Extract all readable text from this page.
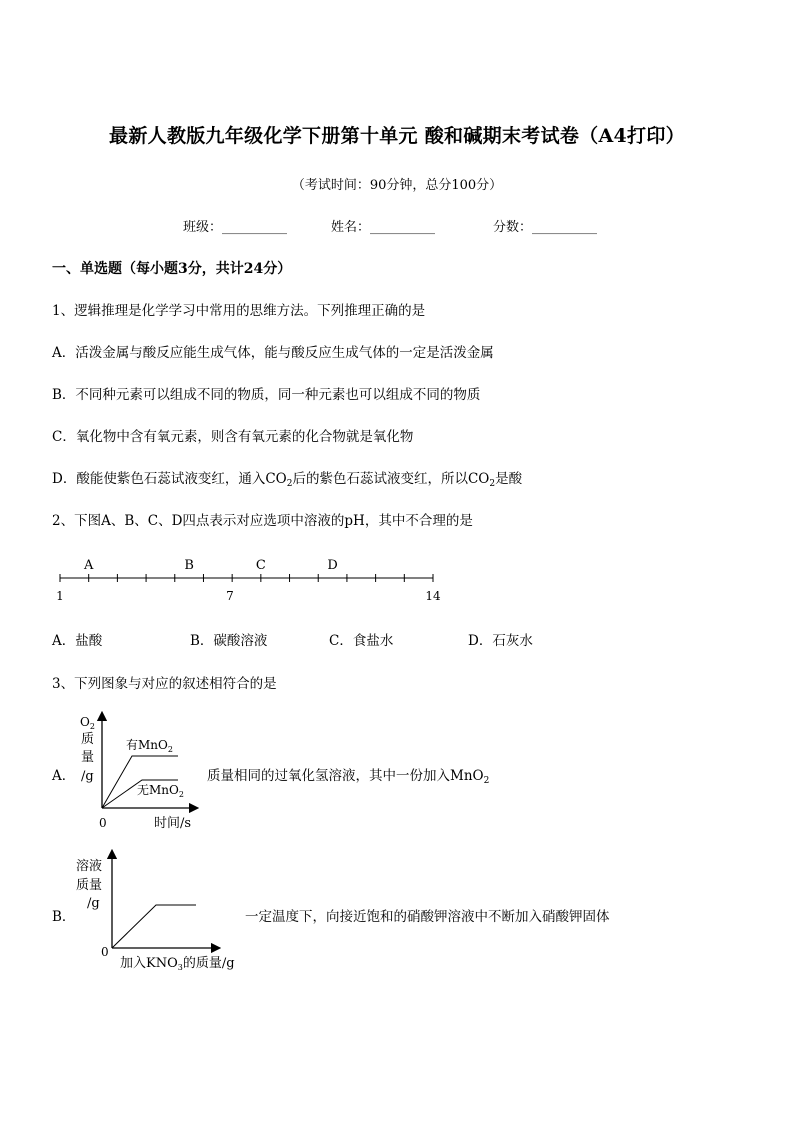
最新人教版九年级化学下册第十单元 酸和碱期末考试卷（A4打印）
（考试时间：90分钟，总分100分）
班级：__________	姓名：__________	分数：__________
一、单选题（每小题3分，共计24分）
1、逻辑推理是化学学习中常用的思维方法。下列推理正确的是
A．活泼金属与酸反应能生成气体，能与酸反应生成气体的一定是活泼金属
B．不同种元素可以组成不同的物质，同一种元素也可以组成不同的物质
C．氧化物中含有氧元素，则含有氧元素的化合物就是氧化物
D．酸能使紫色石蕊试液变红，通入$CO_2$后的紫色石蕊试液变红，所以$CO_2$是酸
2、下图A、B、C、D四点表示对应选项中溶液的pH，其中不合理的是
A	B	C	D
1	7	14
A．盐酸	B．碳酸溶液	C．食盐水	D．石灰水
3、下列图象与对应的叙述相符合的是
A．
$O_2$
质
量
/g
有MnO$_2$
无MnO$_2$
0	时间/s
质量相同的过氧化氢溶液，其中一份加入MnO$_2$
B．
溶液
质量
/g
0
加入$KNO_3$的质量/g
一定温度下，向接近饱和的硝酸钾溶液中不断加入硝酸钾固体
